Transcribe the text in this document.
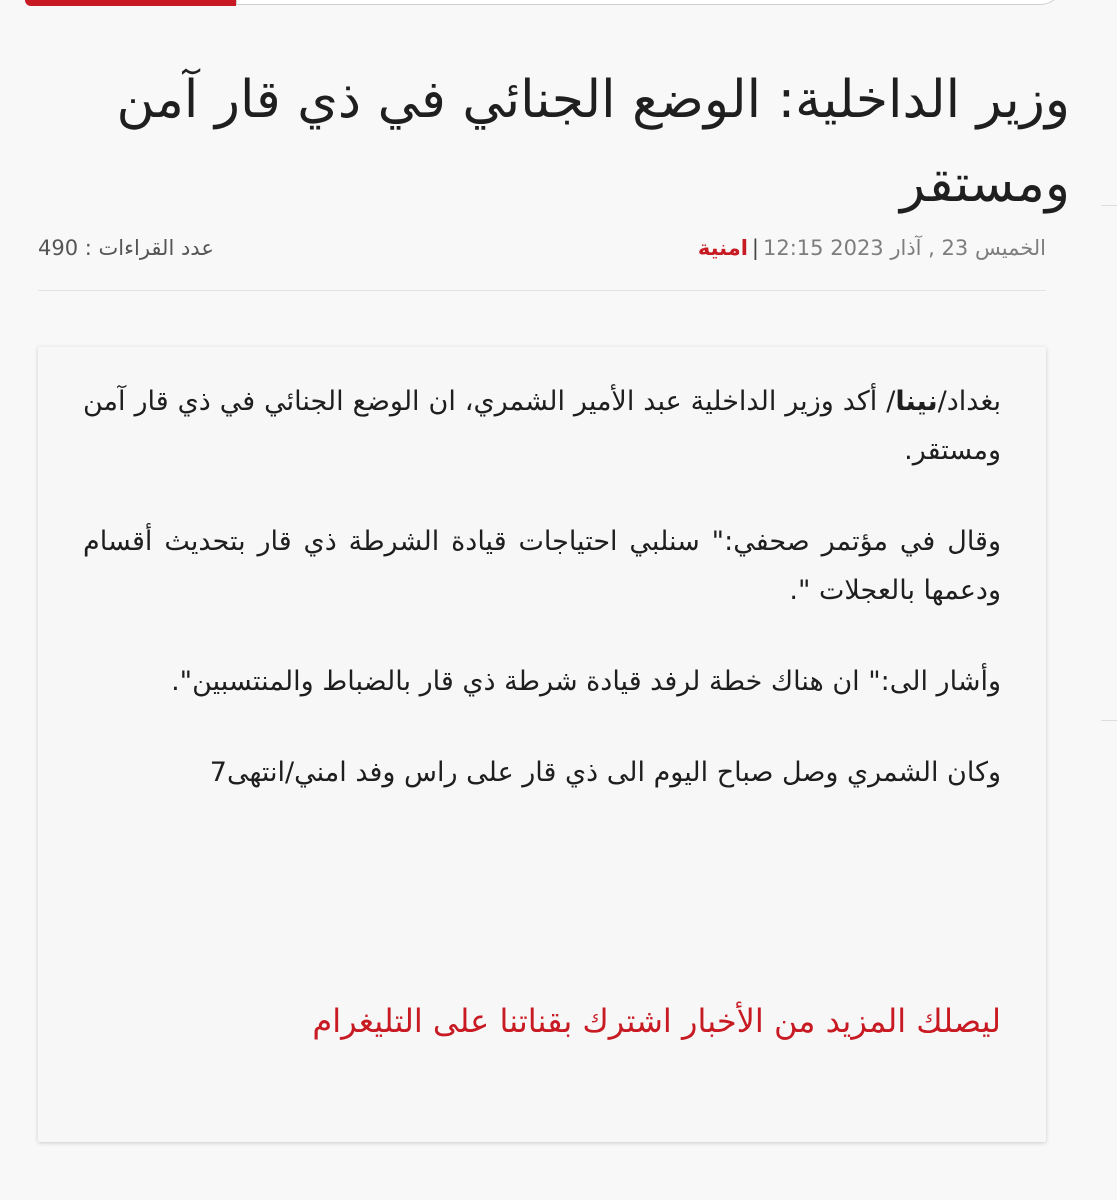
وزير الداخلية: الوضع الجنائي في ذي قار آمن ومستقر
الخميس 23 , آذار 2023 12:15|امنية
عدد القراءات : 490

بغداد/نينا/ أكد وزير الداخلية عبد الأمير الشمري، ان الوضع الجنائي في ذي قار آمن ومستقر.

وقال في مؤتمر صحفي:" سنلبي احتياجات قيادة الشرطة ذي قار بتحديث أقسام ودعمها بالعجلات ".

وأشار الى:" ان هناك خطة لرفد قيادة شرطة ذي قار بالضباط والمنتسبين".

وكان الشمري وصل صباح اليوم الى ذي قار على راس وفد امني/انتهى7

ليصلك المزيد من الأخبار اشترك بقناتنا على التليغرام
